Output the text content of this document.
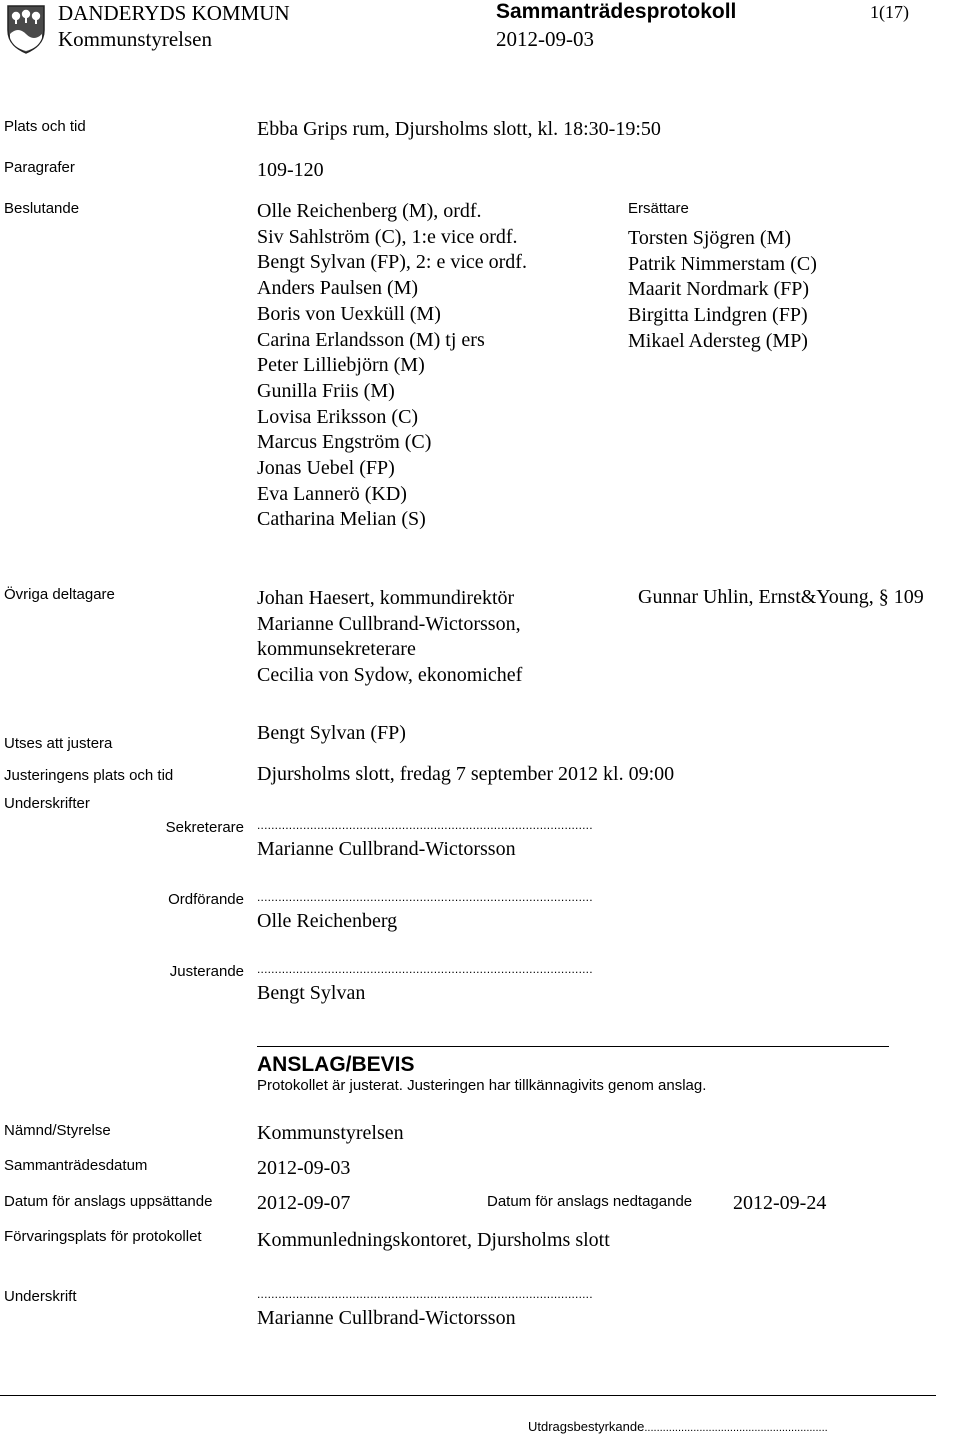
DANDERYDS KOMMUN
Kommunstyrelsen
Sammanträdesprotokoll
2012-09-03
1(17)
Plats och tid	Ebba Grips rum, Djursholms slott, kl. 18:30-19:50
Paragrafer	109-120
Beslutande	Olle Reichenberg (M), ordf.
Siv Sahlström (C), 1:e vice ordf.
Bengt Sylvan (FP), 2: e vice ordf.
Anders Paulsen (M)
Boris von Uexküll (M)
Carina Erlandsson (M) tj ers
Peter Lilliebjörn (M)
Gunilla Friis (M)
Lovisa Eriksson (C)
Marcus Engström (C)
Jonas Uebel (FP)
Eva Lannerö (KD)
Catharina Melian (S)
Ersättare
Torsten Sjögren (M)
Patrik Nimmerstam (C)
Maarit Nordmark (FP)
Birgitta Lindgren (FP)
Mikael Adersteg (MP)
Övriga deltagare	Johan Haesert, kommundirektör
Marianne Cullbrand-Wictorsson,
kommunsekreterare
Cecilia von Sydow, ekonomichef
Gunnar Uhlin, Ernst&Young, § 109
Utses att justera	Bengt Sylvan (FP)
Justeringens plats och tid	Djursholms slott, fredag 7 september 2012 kl. 09:00
Underskrifter
Sekreterare ...............................................................................................
Marianne Cullbrand-Wictorsson
Ordförande ...............................................................................................
Olle Reichenberg
Justerande ...............................................................................................
Bengt Sylvan
ANSLAG/BEVIS
Protokollet är justerat. Justeringen har tillkännagivits genom anslag.
Nämnd/Styrelse	Kommunstyrelsen
Sammanträdesdatum	2012-09-03
Datum för anslags uppsättande 2012-09-07	Datum för anslags nedtagande 2012-09-24
Förvaringsplats för protokollet	Kommunledningskontoret, Djursholms slott
Underskrift	...............................................................................................
Marianne Cullbrand-Wictorsson
Utdragsbestyrkande............................................................
